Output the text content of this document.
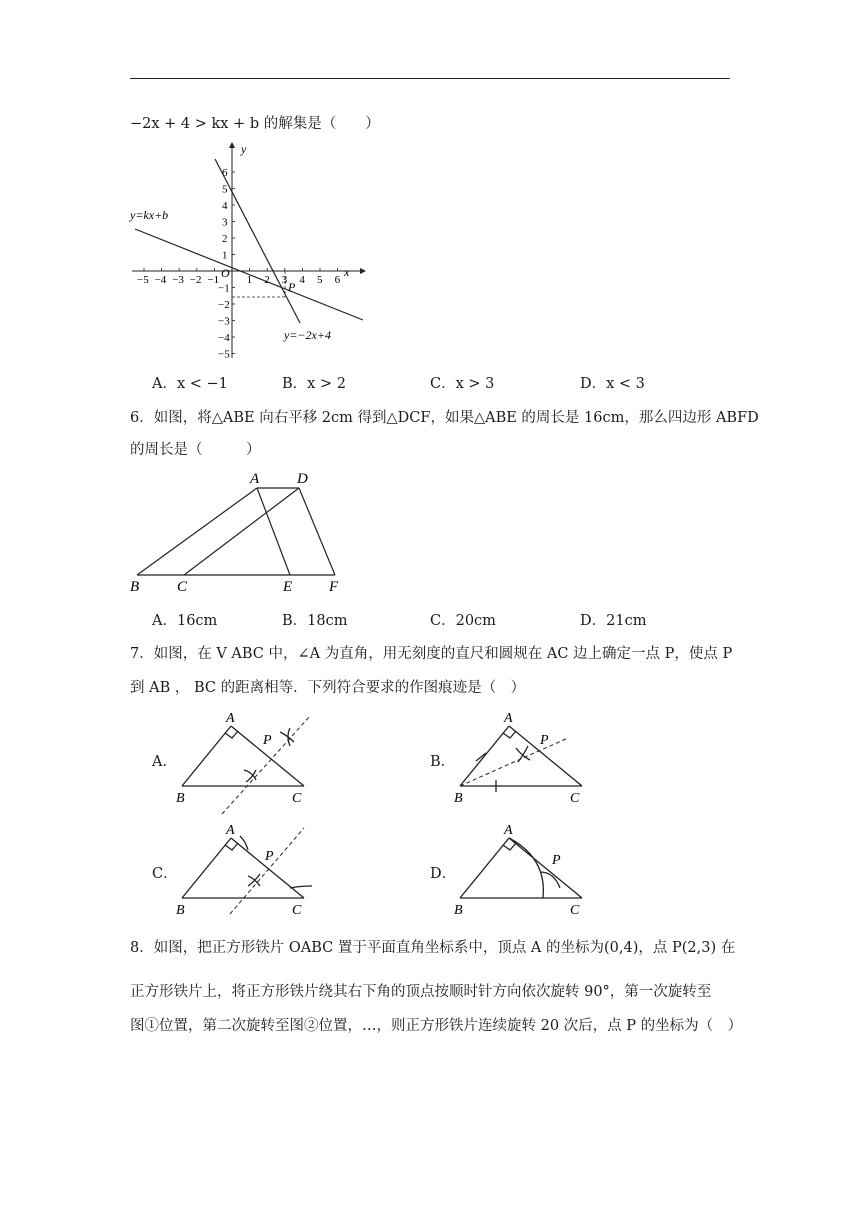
−2x + 4 > kx + b 的解集是（　　）
y
x
O
−5 −4 −3 −2 −1 1 2 3 4 5 6
6
5
4
3
2
1
−1
−2
−3
−4
−5
y=kx+b
y=−2x+4
P
A．x < −1	B．x > 2	C．x > 3	D．x < 3
6．如图，将△ABE 向右平移 2cm 得到△DCF，如果△ABE 的周长是 16cm，那么四边形 ABFD
的周长是（　　　）
A	D
B	C	E F
A．16cm	B．18cm	C．20cm	D．21cm
7．如图，在 V ABC 中，∠A 为直角，用无刻度的直尺和圆规在 AC 边上确定一点 P，使点 P
到 AB ， BC 的距离相等．下列符合要求的作图痕迹是（　）
A．
A
P
B	C
B．
A
P
B	C
C．
A
P
B	C
D．
A
P
B	C
8．如图，把正方形铁片 OABC 置于平面直角坐标系中，顶点 A 的坐标为(0,4)，点 P(2,3) 在
正方形铁片上，将正方形铁片绕其右下角的顶点按顺时针方向依次旋转 90°，第一次旋转至
图①位置，第二次旋转至图②位置，…，则正方形铁片连续旋转 20 次后，点 P 的坐标为（　）
